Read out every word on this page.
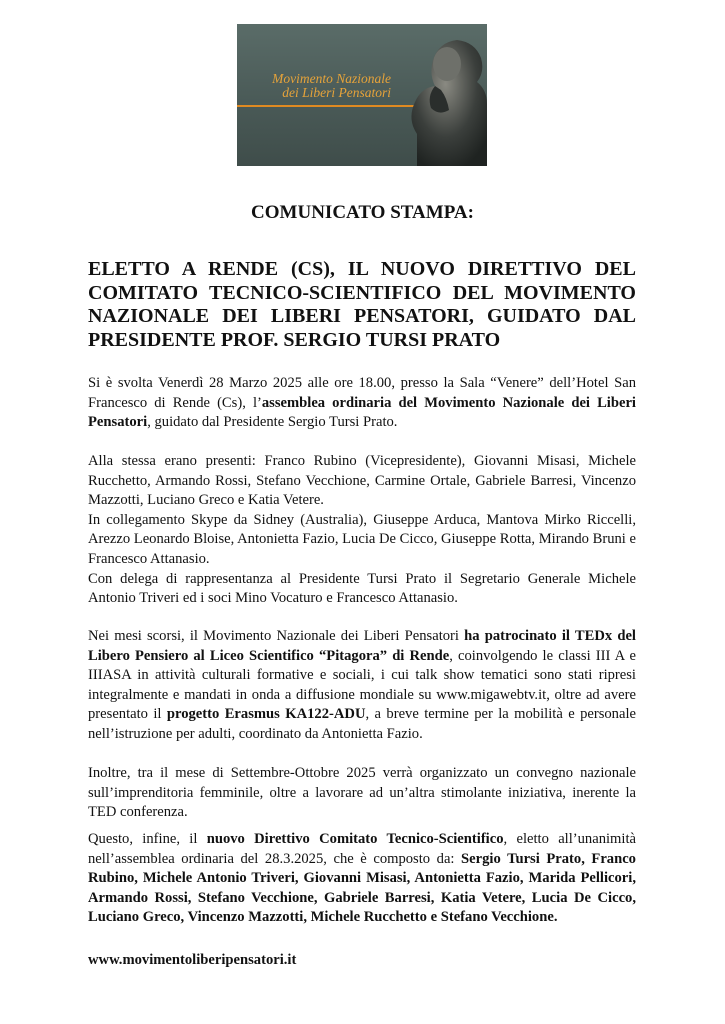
Movimento Nazionale
dei Liberi Pensatori
COMUNICATO STAMPA:
ELETTO A RENDE (CS), IL NUOVO DIRETTIVO DEL COMITATO TECNICO-SCIENTIFICO DEL MOVIMENTO NAZIONALE DEI LIBERI PENSATORI, GUIDATO DAL PRESIDENTE PROF. SERGIO TURSI PRATO

Si è svolta Venerdì 28 Marzo 2025 alle ore 18.00, presso la Sala “Venere” dell’Hotel San Francesco di Rende (Cs), l’assemblea ordinaria del Movimento Nazionale dei Liberi Pensatori, guidato dal Presidente Sergio Tursi Prato.

Alla stessa erano presenti: Franco Rubino (Vicepresidente), Giovanni Misasi, Michele Rucchetto, Armando Rossi, Stefano Vecchione, Carmine Ortale, Gabriele Barresi, Vincenzo Mazzotti, Luciano Greco e Katia Vetere.
In collegamento Skype da Sidney (Australia), Giuseppe Arduca, Mantova Mirko Riccelli, Arezzo Leonardo Bloise, Antonietta Fazio, Lucia De Cicco, Giuseppe Rotta, Mirando Bruni e Francesco Attanasio.
Con delega di rappresentanza al Presidente Tursi Prato il Segretario Generale Michele Antonio Triveri ed i soci Mino Vocaturo e Francesco Attanasio.

Nei mesi scorsi, il Movimento Nazionale dei Liberi Pensatori ha patrocinato il TEDx del Libero Pensiero al Liceo Scientifico “Pitagora” di Rende, coinvolgendo le classi III A e IIIASA in attività culturali formative e sociali, i cui talk show tematici sono stati ripresi integralmente e mandati in onda a diffusione mondiale su www.migawebtv.it, oltre ad avere presentato il progetto Erasmus KA122-ADU, a breve termine per la mobilità e personale nell’istruzione per adulti, coordinato da Antonietta Fazio.

Inoltre, tra il mese di Settembre-Ottobre 2025 verrà organizzato un convegno nazionale sull’imprenditoria femminile, oltre a lavorare ad un’altra stimolante iniziativa, inerente la TED conferenza.

Questo, infine, il nuovo Direttivo Comitato Tecnico-Scientifico, eletto all’unanimità nell’assemblea ordinaria del 28.3.2025, che è composto da: Sergio Tursi Prato, Franco Rubino, Michele Antonio Triveri, Giovanni Misasi, Antonietta Fazio, Marida Pellicori, Armando Rossi, Stefano Vecchione, Gabriele Barresi, Katia Vetere, Lucia De Cicco, Luciano Greco, Vincenzo Mazzotti, Michele Rucchetto e Stefano Vecchione.

www.movimentoliberipensatori.it
